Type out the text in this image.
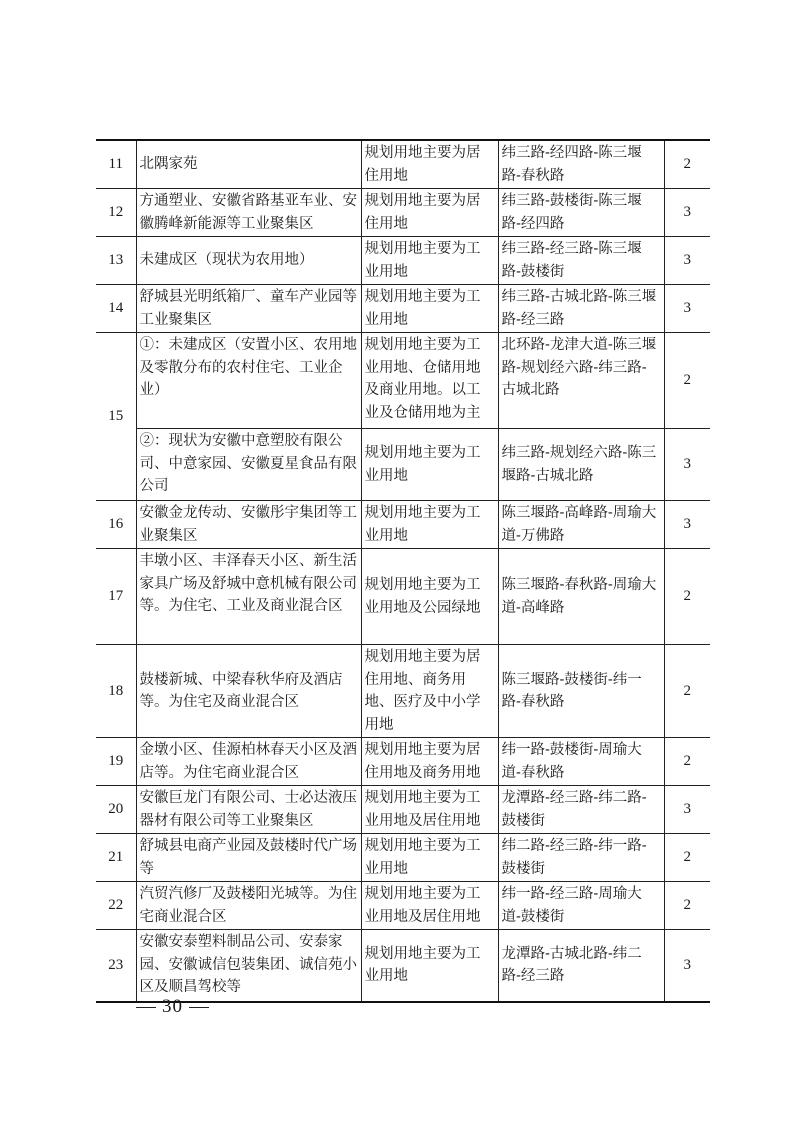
11	北隅家苑	规划用地主要为居住用地	纬三路-经四路-陈三堰路-春秋路	2
12	方通塑业、安徽省路基亚车业、安徽腾峰新能源等工业聚集区	规划用地主要为居住用地	纬三路-鼓楼街-陈三堰路-经四路	3
13	未建成区（现状为农用地）	规划用地主要为工业用地	纬三路-经三路-陈三堰路-鼓楼街	3
14	舒城县光明纸箱厂、童车产业园等工业聚集区	规划用地主要为工业用地	纬三路-古城北路-陈三堰路-经三路	3
15	①：未建成区（安置小区、农用地及零散分布的农村住宅、工业企业）	规划用地主要为工业用地、仓储用地及商业用地。以工业及仓储用地为主	北环路-龙津大道-陈三堰路-规划经六路-纬三路-古城北路	2
	②：现状为安徽中意塑胶有限公司、中意家园、安徽夏星食品有限公司	规划用地主要为工业用地	纬三路-规划经六路-陈三堰路-古城北路	3
16	安徽金龙传动、安徽彤宇集团等工业聚集区	规划用地主要为工业用地	陈三堰路-高峰路-周瑜大道-万佛路	3
17	丰墩小区、丰泽春天小区、新生活家具广场及舒城中意机械有限公司等。为住宅、工业及商业混合区	规划用地主要为工业用地及公园绿地	陈三堰路-春秋路-周瑜大道-高峰路	2
18	鼓楼新城、中梁春秋华府及酒店等。为住宅及商业混合区	规划用地主要为居住用地、商务用地、医疗及中小学用地	陈三堰路-鼓楼街-纬一路-春秋路	2
19	金墩小区、佳源柏林春天小区及酒店等。为住宅商业混合区	规划用地主要为居住用地及商务用地	纬一路-鼓楼街-周瑜大道-春秋路	2
20	安徽巨龙门有限公司、士必达液压器材有限公司等工业聚集区	规划用地主要为工业用地及居住用地	龙潭路-经三路-纬二路-鼓楼街	3
21	舒城县电商产业园及鼓楼时代广场等	规划用地主要为工业用地	纬二路-经三路-纬一路-鼓楼街	2
22	汽贸汽修厂及鼓楼阳光城等。为住宅商业混合区	规划用地主要为工业用地及居住用地	纬一路-经三路-周瑜大道-鼓楼街	2
23	安徽安泰塑料制品公司、安泰家园、安徽诚信包装集团、诚信苑小区及顺昌驾校等	规划用地主要为工业用地	龙潭路-古城北路-纬二路-经三路	3
30
